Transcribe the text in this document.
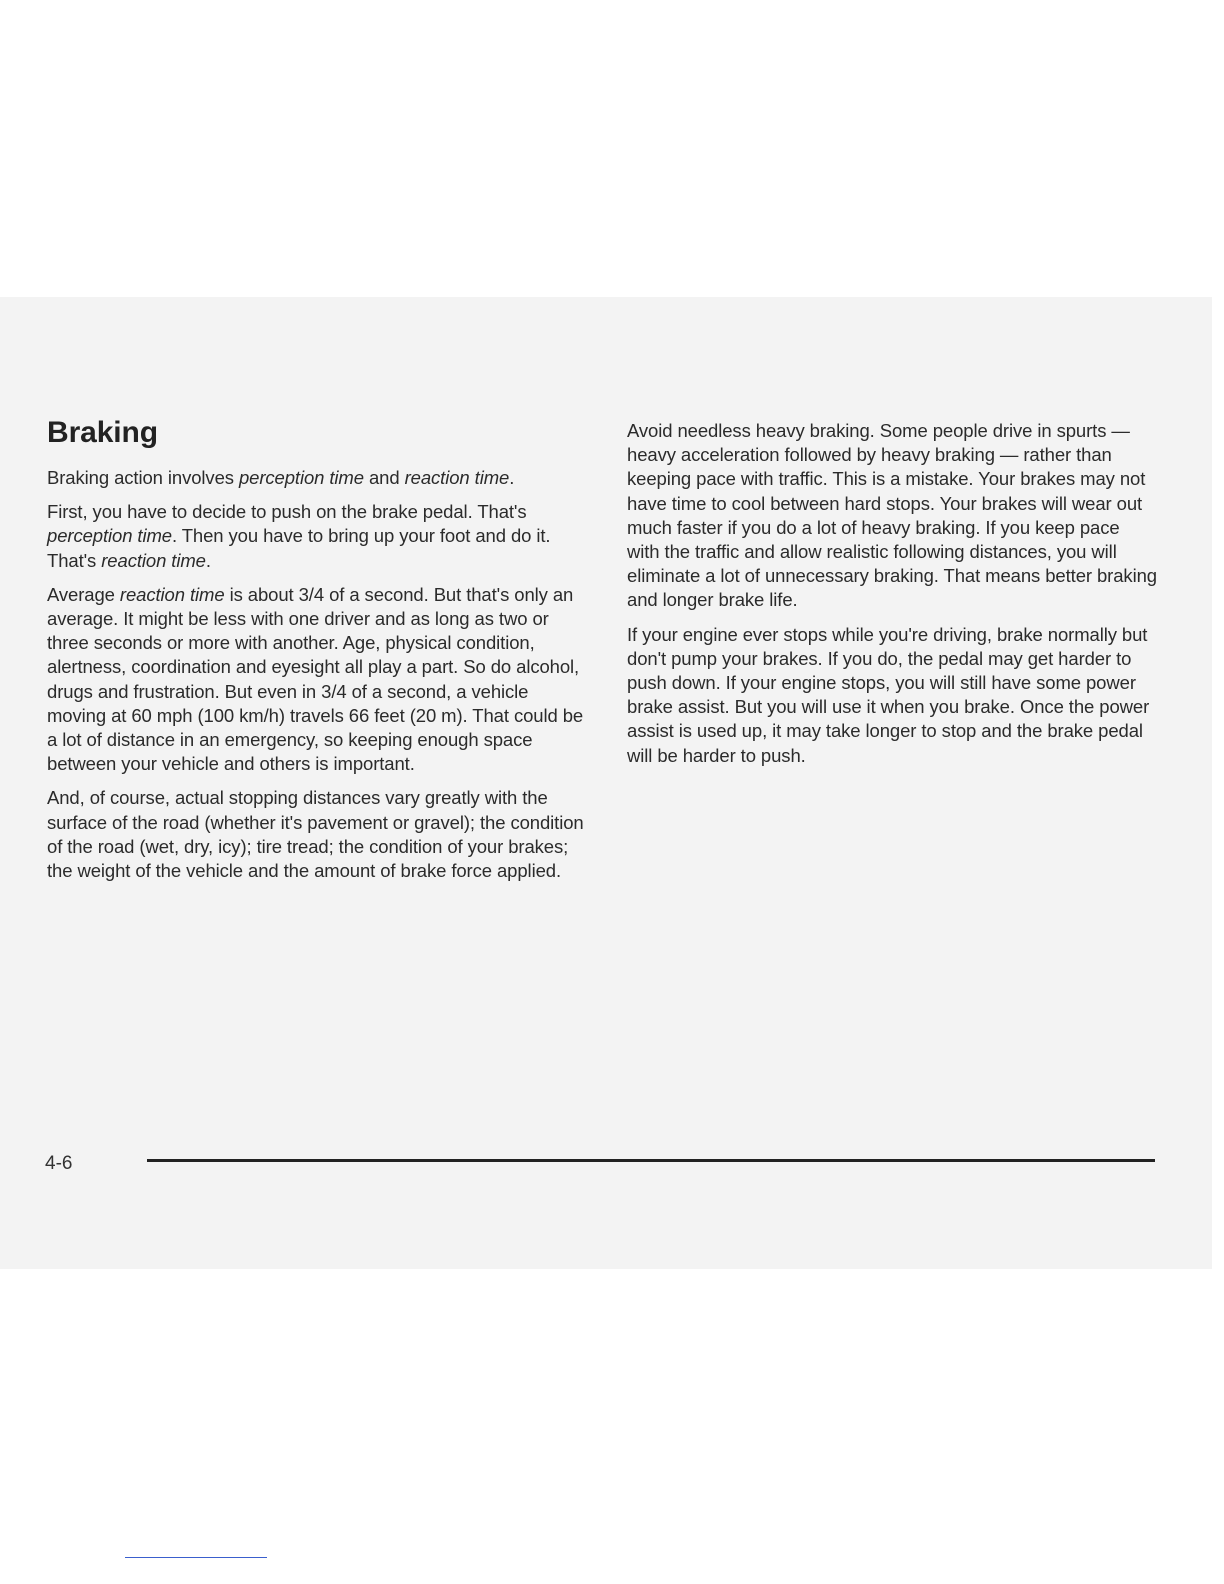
Braking

Braking action involves perception time and reaction time.

First, you have to decide to push on the brake pedal. That's perception time. Then you have to bring up your foot and do it. That's reaction time.

Average reaction time is about 3/4 of a second. But that's only an average. It might be less with one driver and as long as two or three seconds or more with another. Age, physical condition, alertness, coordination and eyesight all play a part. So do alcohol, drugs and frustration. But even in 3/4 of a second, a vehicle moving at 60 mph (100 km/h) travels 66 feet (20 m). That could be a lot of distance in an emergency, so keeping enough space between your vehicle and others is important.

And, of course, actual stopping distances vary greatly with the surface of the road (whether it's pavement or gravel); the condition of the road (wet, dry, icy); tire tread; the condition of your brakes; the weight of the vehicle and the amount of brake force applied.

Avoid needless heavy braking. Some people drive in spurts — heavy acceleration followed by heavy braking — rather than keeping pace with traffic. This is a mistake. Your brakes may not have time to cool between hard stops. Your brakes will wear out much faster if you do a lot of heavy braking. If you keep pace with the traffic and allow realistic following distances, you will eliminate a lot of unnecessary braking. That means better braking and longer brake life.

If your engine ever stops while you're driving, brake normally but don't pump your brakes. If you do, the pedal may get harder to push down. If your engine stops, you will still have some power brake assist. But you will use it when you brake. Once the power assist is used up, it may take longer to stop and the brake pedal will be harder to push.

4-6
